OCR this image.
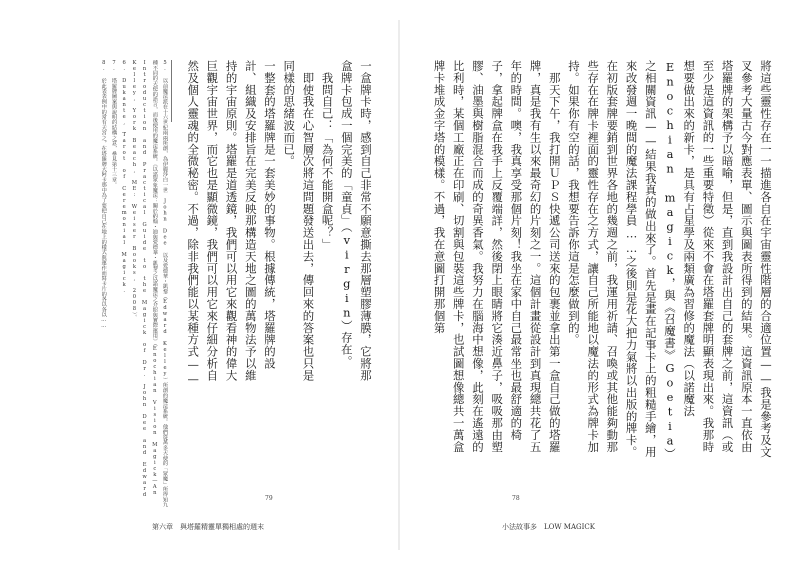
將這些靈性存在一一描進各自在宇宙靈性階層的合適位置——我是參考及文叉參考大量古今對應表單、圖示與圖表所得到的結果。這資訊原本一直依由塔羅牌的架構予以暗喻，但是，直到我設計出自己的套牌之前，這資訊（或至少是這資訊的一些重要特徵）從來不會在塔羅套牌明顯表現出來。我那時想要做出來的新卡，是具有占星學及兩類廣為習修的魔法（以諾魔法 Enochian magick，與《召魔書》Goetia）之相關資訊——結果我真的做出來了。首先是畫在記事卡上的粗糙手繪，用來改發週一晚間的魔法課程學員……之後則是花大把力氣將以出版的牌卡。在初版套牌要銷到世界各地的幾週之前，我運用祈請、召喚或其他能夠動那些存在在牌卡裡面的靈性存在之方式，讓自己所能地以魔法的形式為牌卡加持。如果你有空的話，我想要告訴你這是怎麼做到的。
　那天下午，我打開ＵＰＳ快遞公司送來的包裹並拿出第一盒自己做的塔羅牌，真是我有生以來最奇幻的片刻之一。這個計畫從設計到真現總共花了五年的時間。噢，我真享受那個片刻！我坐在家中自己最常坐也最舒適的椅子，拿起牌盒在我手上反覆端詳，然後閉上眼睛將它湊近鼻子，吸吸那由塑膠、油墨與樹脂混合而成的奇異香氣。我努力在腦海中想像，此刻在遙遠的比利時，某個工廠正在印刷、切割與包裝這些牌卡，也試圖想像總共一萬盒牌卡堆成金字塔的模樣。不過，我在意圖打開那個第
78
小法故事多　LOW MAGICK
一盒牌卡時，感到自己非常不願意撕去那層塑膠薄膜，它將那盒牌卡包成一個完美的「童貞」（virgin）存在。
　我問自己：「為何不能開盒呢？」
　即使我在心智層次將這問題發送出去，傳回來的答案也只是同樣的思緒波而已。
一整套的塔羅牌是一套美妙的事物。根據傳統，塔羅牌的設計、組織及安排旨在完美反映那構造天地之圖的萬物法予以維持的宇宙原則。塔羅是道透鏡，我們可以用它來觀看神的偉大巨觀宇宙世界，而它也是顯微鏡，我們可以用它來仔細分析自然及個人靈魂的全微秘密。不過，除非我們能以某種方式——
5. 以前魔法派在十六世紀兩兩所創，為伊麗莎白一世 John Dee 以及愛德華・凱黎（Edward Kelley）所創的魔法系統。他們從萬多天使的「眾魔」所得知九種不同的天使的語言，而後使用的魔法系統。《以諾眾象魔法：關於約翰・迪與愛德華・凱黎之以諾魔法之介紹與實際運用》（Enochian Vision Magick—An Introduction and Practical Guide to the Magick of Dr. John Dee and Edward Kelley, York Beach, ME: Weiser Books, 2008）。
6. Dukante, Tarot of Ceremonial Magick.
7. 塔羅牌圖案與說明的結構之意，參見第十三章。
8. 於此表表例中的常有天宮之，在塔羅牌大阿卡那中為了要把自己在地上的樣式與運作而寫卡片的各以各以……
79
第六章　與塔羅精靈單獨相處的週末
